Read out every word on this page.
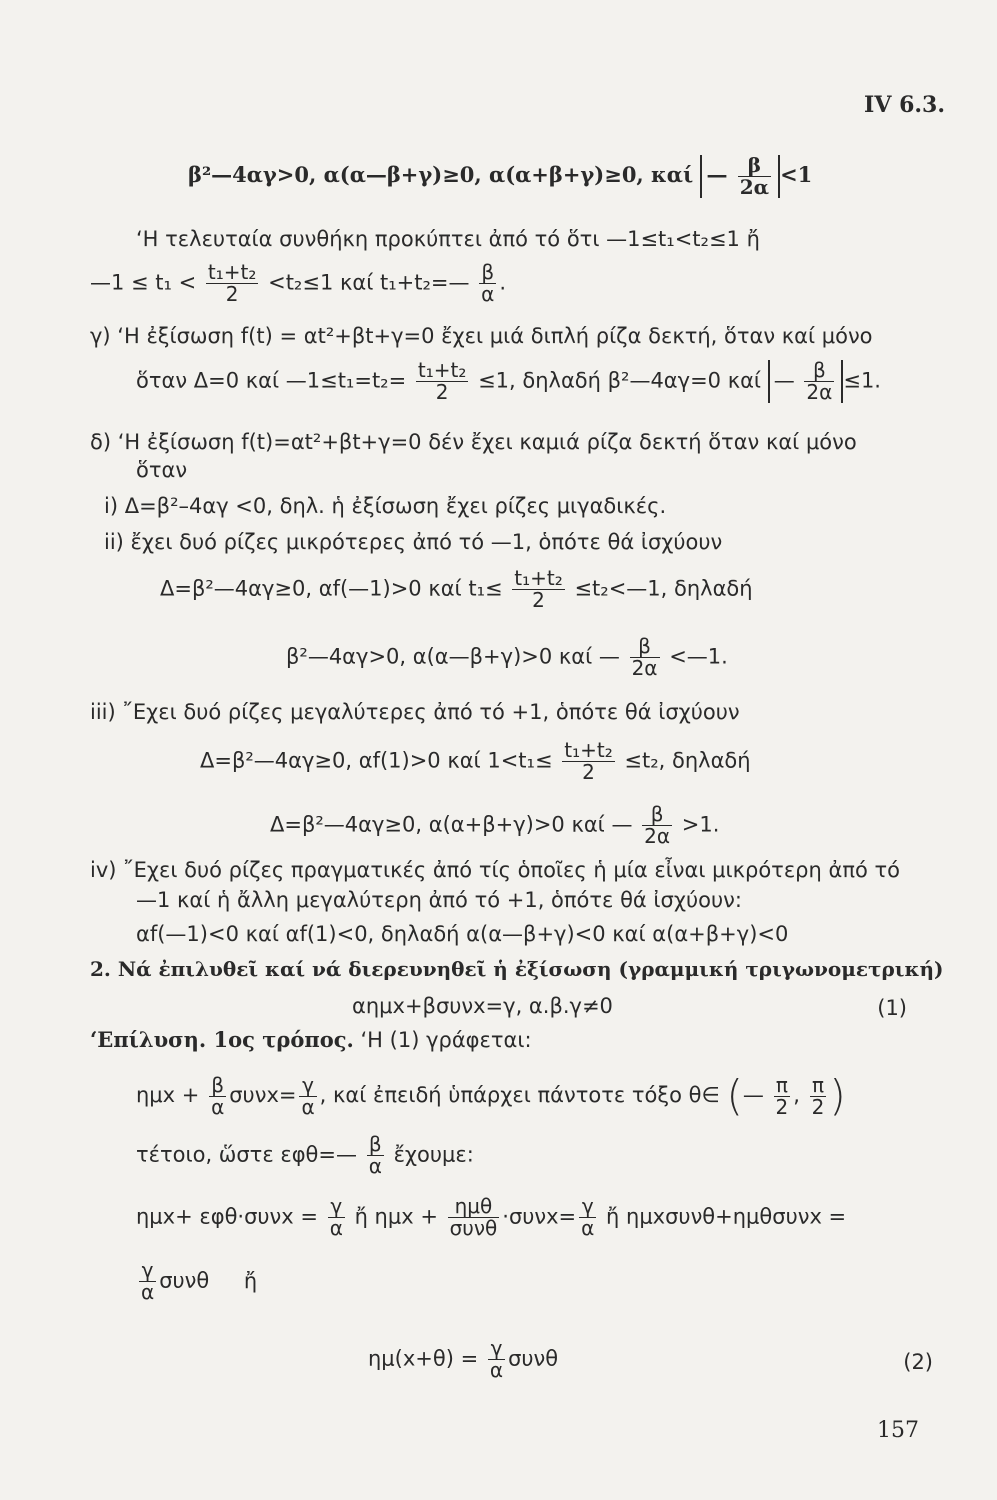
IV 6.3.
β²—4αγ>0, α(α—β+γ)≥0, α(α+β+γ)≥0, καί — $\frac{\beta}{2\alpha} <1$
‘Η τελευταία συνθήκη προκύπτει ἀπό τό ὅτι —1≤t₁<t₂≤1 ἤ
—1 ≤ $t_1 < \frac{\text{t₁+t₂}}{2} <t_2\le 1$ καί t₁+t₂=— $\frac{\beta}{\alpha}$ .
γ) ‘Η ἐξίσωση f(t) = αt²+βt+γ=0 ἔχει μιά διπλή ρίζα δεκτή, ὅταν καί μόνο
ὅταν Δ=0 καί —1≤t₁=t₂= $\frac{\text{t₁+t₂}}{2} \le 1$, δηλαδή β²—4αγ=0 καί — $\frac{\beta}{2\alpha} \le 1$.
δ) ‘Η ἐξίσωση f(t)=αt²+βt+γ=0 δέν ἔχει καμιά ρίζα δεκτή ὅταν καί μόνο
ὅταν
i) Δ=β²–4αγ <0, δηλ. ἡ ἐξίσωση ἔχει ρίζες μιγαδικές.
ii) ἔχει δυό ρίζες μικρότερες ἀπό τό —1, ὁπότε θά ἰσχύουν
Δ=β²—4αγ≥0, αf(—1)>0 καί $t_1\le \frac{\text{t₁+t₂}}{2}$ ≤t₂<—1, δηλαδή
β²—4αγ>0, α(α—β+γ)>0 καί — $\frac{\beta}{2\alpha}$ <—1.
iii) ῎Εχει δυό ρίζες μεγαλύτερες ἀπό τό +1, ὁπότε θά ἰσχύουν
Δ=β²—4αγ≥0, αf(1)>0 καί $1<t_1\le \frac{\text{t₁+t₂}}{2} \le t_2$, δηλαδή
Δ=β²—4αγ≥0, α(α+β+γ)>0 καί — $\frac{\beta}{2\alpha} >1$.
iv) ῎Εχει δυό ρίζες πραγματικές ἀπό τίς ὁποῖες ἡ μία εἶναι μικρότερη ἀπό τό
—1 καί ἡ ἄλλη μεγαλύτερη ἀπό τό +1, ὁπότε θά ἰσχύουν:
αf(—1)<0 καί αf(1)<0, δηλαδή α(α—β+γ)<0 καί α(α+β+γ)<0
2. Νά ἐπιλυθεῖ καί νά διερευνηθεῖ ἡ ἐξίσωση (γραμμική τριγωνομετρική)
αημx+βσυνx=γ, α.β.γ≠0	(1)
‘Επίλυση. 1ος τρόπος. ‘Η (1) γράφεται:
$\eta\mu x + \frac{\beta}{\alpha} \sigma\upsilon\nu x= \frac{\gamma}{\alpha}$ , καί ἐπειδή ὑπάρχει πάντοτε τόξο θ∈ (— $\frac{\pi}{2}$ , $\frac{\pi}{2}$ )
τέτοιο, ὥστε εφθ=— $\frac{\beta}{\alpha}$ ἔχουμε:
$\eta\mu x+ \varepsilon\varphi\theta\cdot\sigma\upsilon\nu x = \frac{\gamma}{\alpha}$ ἤ ημx + ημθ
$\sigma\upsilon\nu\theta \cdot\sigma\upsilon\nu x= \frac{\gamma}{\alpha}$ ἤ ημxσυνθ+ημθσυνx =
$\frac{\gamma}{\alpha}$ συνθ ἤ
$\eta\mu(x+\theta) = \frac{\gamma}{\alpha}$ συνθ	(2)
157
